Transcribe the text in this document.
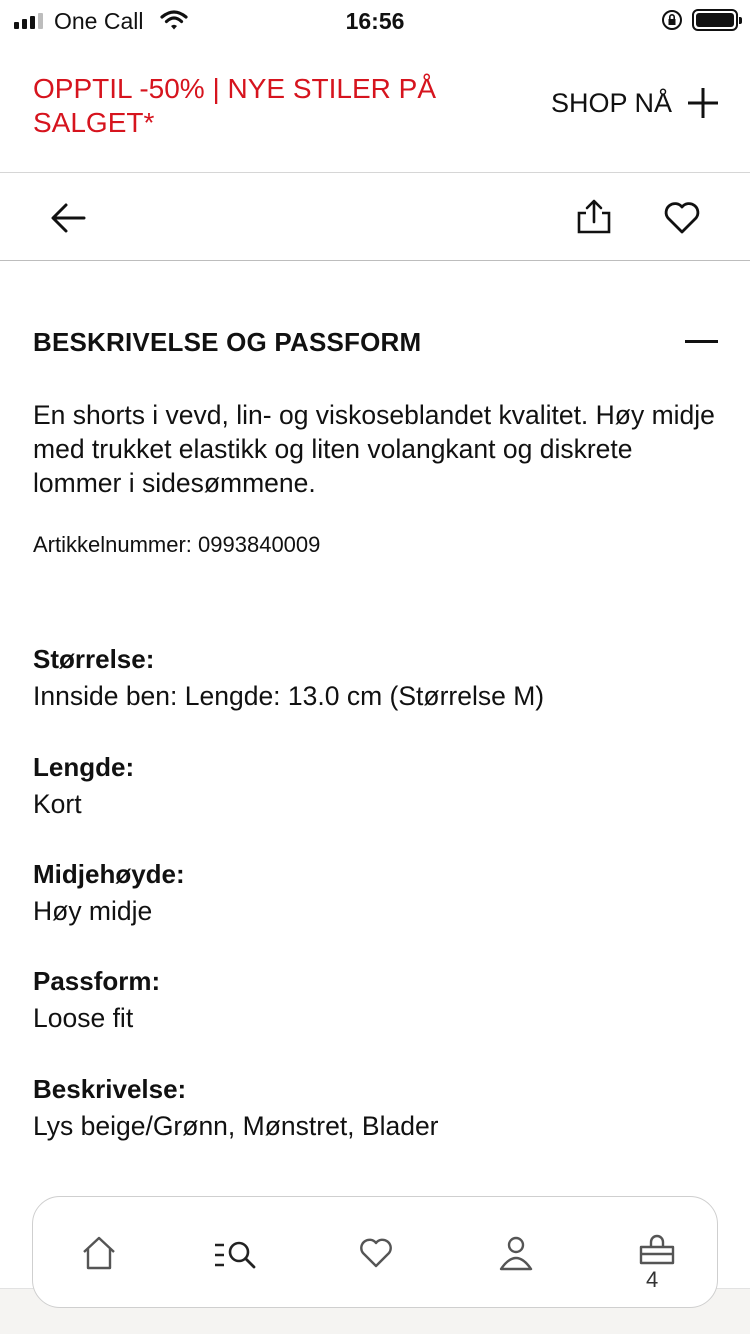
One Call	16:56
OPPTIL -50% | NYE STILER PÅ SALGET*
SHOP NÅ
BESKRIVELSE OG PASSFORM
En shorts i vevd, lin- og viskoseblandet kvalitet. Høy midje med trukket elastikk og liten volangkant og diskrete lommer i sidesømmene.
Artikkelnummer: 0993840009
Størrelse:
Innside ben: Lengde: 13.0 cm (Størrelse M)
Lengde:
Kort
Midjehøyde:
Høy midje
Passform:
Loose fit
Beskrivelse:
Lys beige/Grønn, Mønstret, Blader
4
